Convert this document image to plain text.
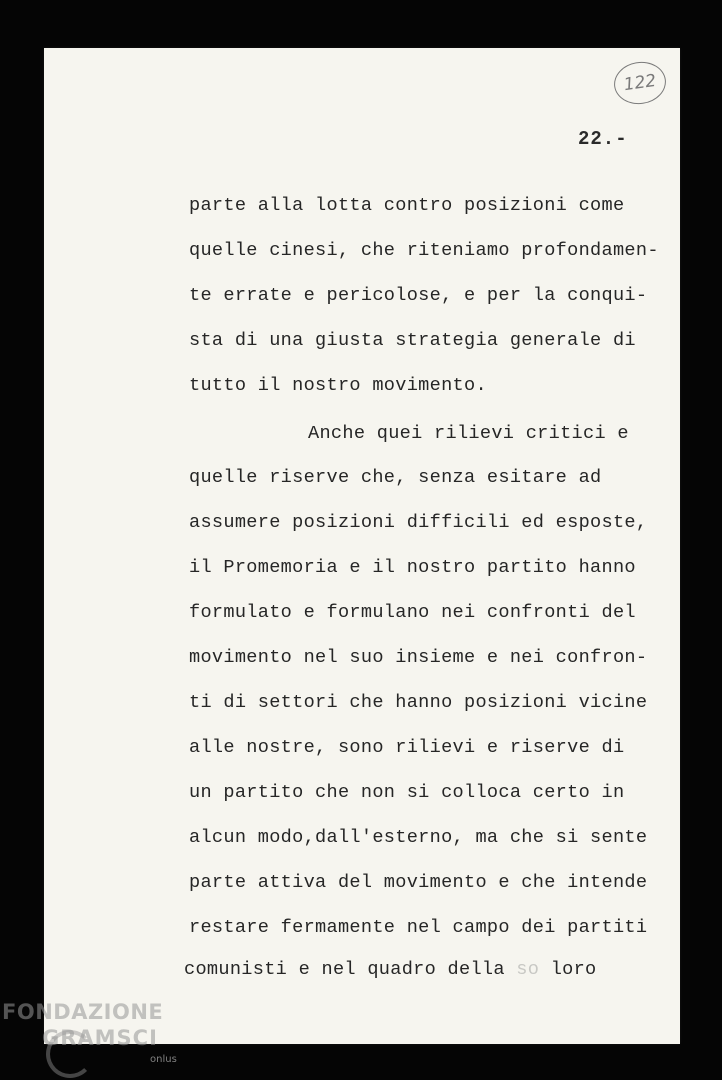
122
22.-
parte alla lotta contro posizioni come
quelle cinesi, che riteniamo profondamen-
te errate e pericolose, e per la conqui-
sta di una giusta strategia generale di
tutto il nostro movimento.
Anche quei rilievi critici e
quelle riserve che, senza esitare ad
assumere posizioni difficili ed esposte,
il Promemoria e il nostro partito hanno
formulato e formulano nei confronti del
movimento nel suo insieme e nei confron-
ti di settori che hanno posizioni vicine
alle nostre, sono rilievi e riserve di
un partito che non si colloca certo in
alcun modo,dall'esterno, ma che si sente
parte attiva del movimento e che intende
restare fermamente nel campo dei partiti
comunisti e nel quadro della so loro
FONDAZIONE
GRAMSCI
onlus
